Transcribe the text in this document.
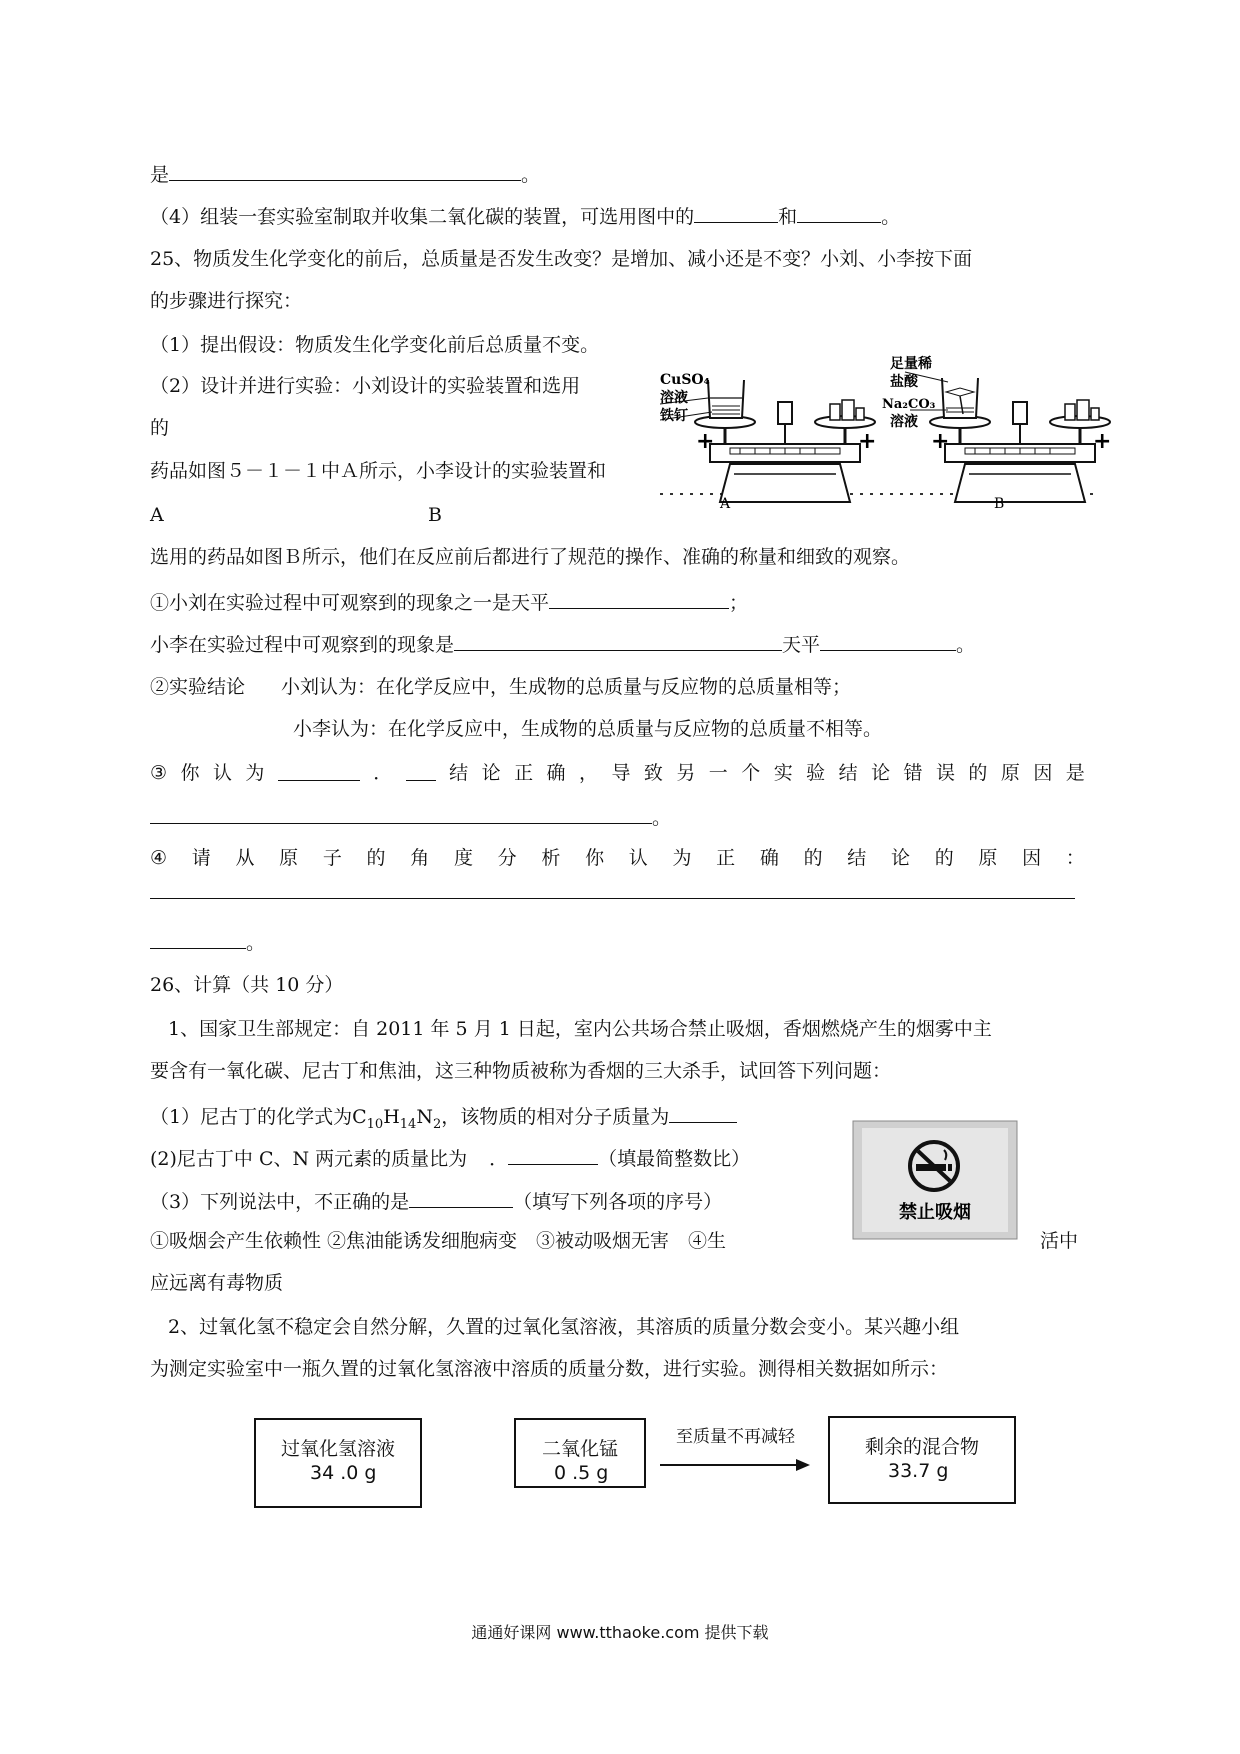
是	。
（4）组装一套实验室制取并收集二氧化碳的装置，可选用图中的	和	。
25、物质发生化学变化的前后，总质量是否发生改变？是增加、减小还是不变？小刘、小李按下面
的步骤进行探究：
（1）提出假设：物质发生化学变化前后总质量不变。
（2）设计并进行实验：小刘设计的实验装置和选用
的
药品如图５－１－１中Ａ所示，小李设计的实验装置和
A	B
选用的药品如图Ｂ所示，他们在反应前后都进行了规范的操作、准确的称量和细致的观察。
+	+
CuSO₄
溶液
铁钉
A
+	+
足量稀
盐酸
Na₂CO₃
溶液
B
①小刘在实验过程中可观察到的现象之一是天平	；
小李在实验过程中可观察到的现象是	天平	。
②实验结论 小刘认为：在化学反应中，生成物的总质量与反应物的总质量相等；
小李认为：在化学反应中，生成物的总质量与反应物的总质量不相等。
③ 你 认 为	．	结 论 正 确 ， 导 致 另 一 个 实 验 结 论 错 误 的 原 因 是
。
④ 请 从 原 子 的 角 度 分 析 你 认 为 正 确 的 结 论 的 原 因 ：
。
26、计算（共 10 分）
1、国家卫生部规定：自 2011 年 5 月 1 日起，室内公共场合禁止吸烟，香烟燃烧产生的烟雾中主
要含有一氧化碳、尼古丁和焦油，这三种物质被称为香烟的三大杀手，试回答下列问题：
（1）尼古丁的化学式为$C_{10}H_{14}N_2$，该物质的相对分子质量为
(2)尼古丁中 C、N 两元素的质量比为 ．	（填最简整数比）
（3）下列说法中，不正确的是	（填写下列各项的序号）
①吸烟会产生依赖性 ②焦油能诱发细胞病变　③被动吸烟无害　④生	活中
应远离有毒物质
禁止吸烟
2、过氧化氢不稳定会自然分解，久置的过氧化氢溶液，其溶质的质量分数会变小。某兴趣小组
为测定实验室中一瓶久置的过氧化氢溶液中溶质的质量分数，进行实验。测得相关数据如所示：
过氧化氢溶液
34 .0 g
二氧化锰
0 .5 g
至质量不再减轻	剩余的混合物
33.7 g
通通好课网 www.tthaoke.com 提供下载
